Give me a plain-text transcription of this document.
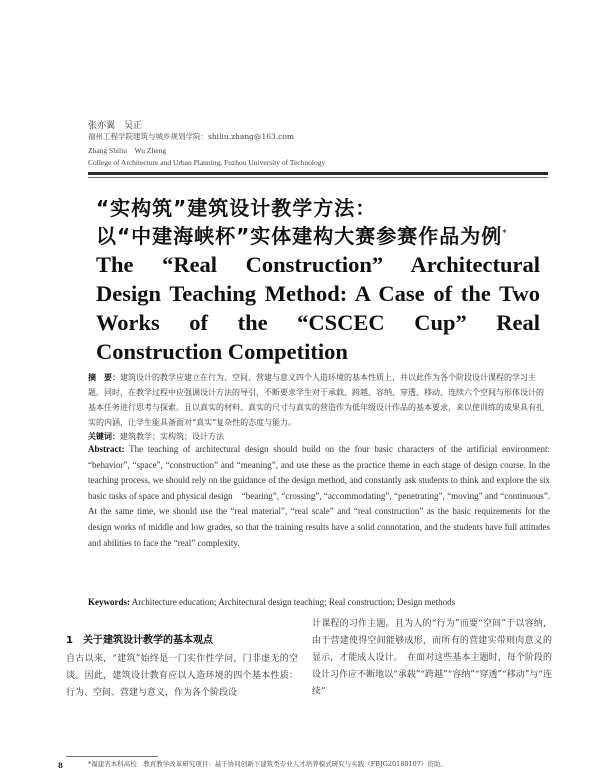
张亦翼　吴正
福州工程学院建筑与城乡规划学院：shiliu.zhang@163.com
Zhang Shiliu　Wu Zheng
College of Architecture and Urban Planning, Fuzhou University of Technology
“实构筑”建筑设计教学方法：
以“中建海峡杯”实体建构大赛参赛作品为例*
The “Real Construction” Architectural Design Teaching Method: A Case of the Two Works of the “CSCEC Cup” Real Construction Competition
摘　要：建筑设计的教学应建立在行为、空间、营建与意义四个人造环境的基本性质上，并以此作为各个阶段设计课程的学习主题。同时，在教学过程中应强调设计方法的导引，不断要求学生对于承载、跨越、容纳、穿透、移动、连续六个空间与形体设计的基本任务进行思考与探索。且以真实的材料、真实的尺寸与真实的营造作为低年级设计作品的基本要求，来以使训练的成果具有扎实的内涵，让学生能具备面对“真实”复杂性的态度与能力。
关键词：建筑教学；实构筑；设计方法
Abstract: The teaching of architectural design should build on the four basic characters of the artificial environment: “behavior”, “space”, “construction” and “meaning”, and use these as the practice theme in each stage of design course. In the teaching process, we should rely on the guidance of the design method, and constantly ask students to think and explore the six basic tasks of space and physical design　“bearing”, “crossing”, “accommodating”, “penetrating”, “moving” and “continuous”. At the same time, we should use the “real material”, “real scale” and “real construction” as the basic requirements for the design works of middle and low grades, so that the training results have a solid connotation, and the students have full attitudes and abilities to face the “real” complexity.
Keywords: Architecture education; Architectural design teaching; Real construction; Design methods
1　关于建筑设计教学的基本观点
自古以来，“建筑”始终是一门实作性学问，门非虚无的空谈。因此，建筑设计教育应以人造环境的四个基本性质：行为、空间、营建与意义，作为各个阶段设
计课程的习作主题。且为人的“行为”而要“空间”于以容纳，由于营建使得空间能够成形，而所有的营建实带则肉意义的显示，才能成人设计。　在面对这些基本主题时，每个阶段的设计习作应不断地以“承载”“跨越”“容纳”“穿透”“移动”与“连续”
8	*福建省本科高校　教育教学改革研究项目：基于协同创新下建筑类专业人才培养模式研究与实践（FBJG20180107）资助。
